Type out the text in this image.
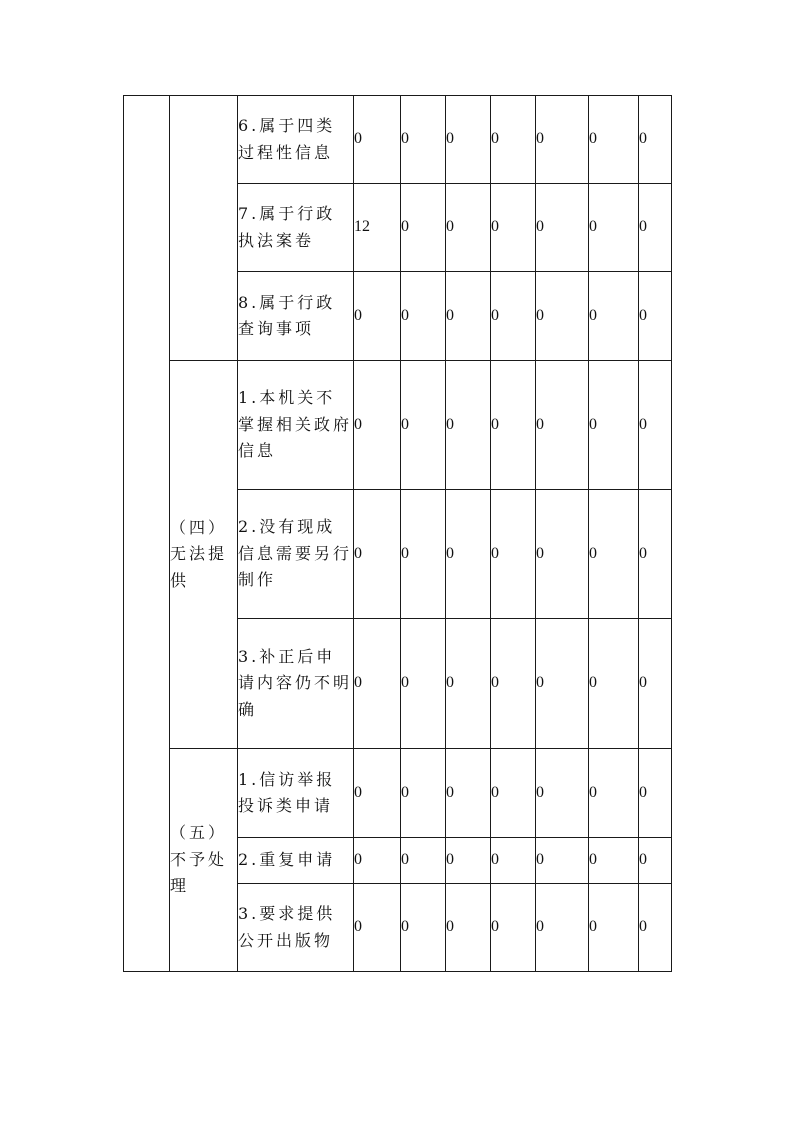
		6.属于四类过程性信息	0	0	0	0	0	0	0
		7.属于行政执法案卷	12	0	0	0	0	0	0
		8.属于行政查询事项	0	0	0	0	0	0	0
	（四）无法提供	1.本机关不掌握相关政府信息	0	0	0	0	0	0	0
		2.没有现成信息需要另行制作	0	0	0	0	0	0	0
		3.补正后申请内容仍不明确	0	0	0	0	0	0	0
	（五）不予处理	1.信访举报投诉类申请	0	0	0	0	0	0	0
		2.重复申请	0	0	0	0	0	0	0
		3.要求提供公开出版物	0	0	0	0	0	0	0
